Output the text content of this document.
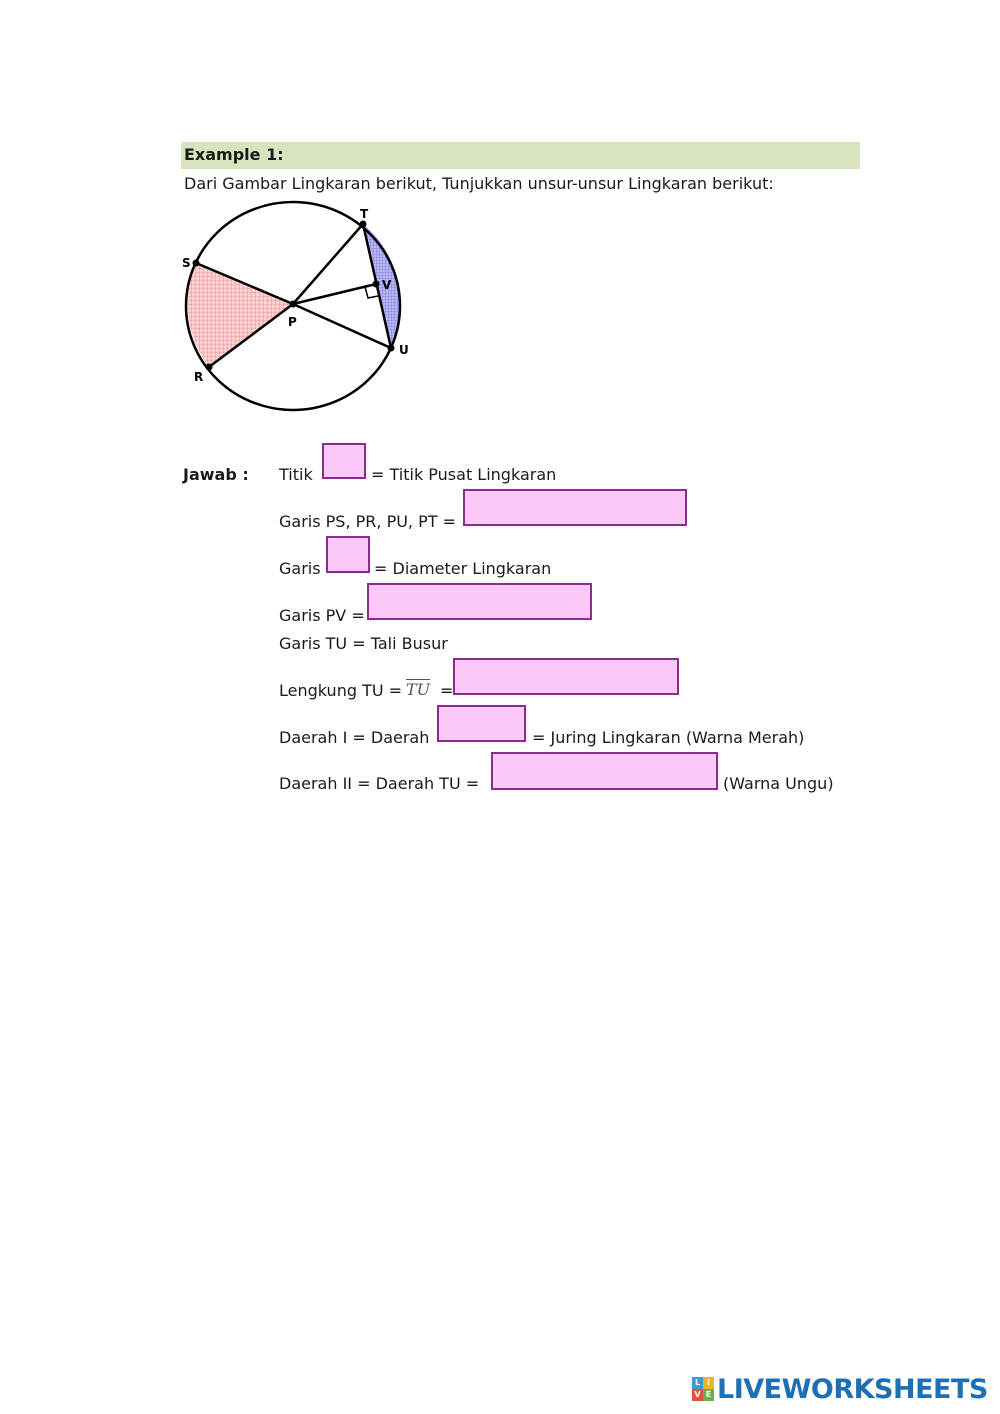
Example 1:
Dari Gambar Lingkaran berikut, Tunjukkan unsur-unsur Lingkaran berikut:
T
S
V
P
U
R
Jawab : Titik	= Titik Pusat Lingkaran
Garis PS, PR, PU, PT =
Garis	= Diameter Lingkaran
Garis PV =
Garis TU = Tali Busur
Lengkung TU = $\overline{TU}$ =
Daerah I = Daerah	= Juring Lingkaran (Warna Merah)
Daerah II = Daerah TU =	(Warna Ungu)
L I
V E LIVEWORKSHEETS
